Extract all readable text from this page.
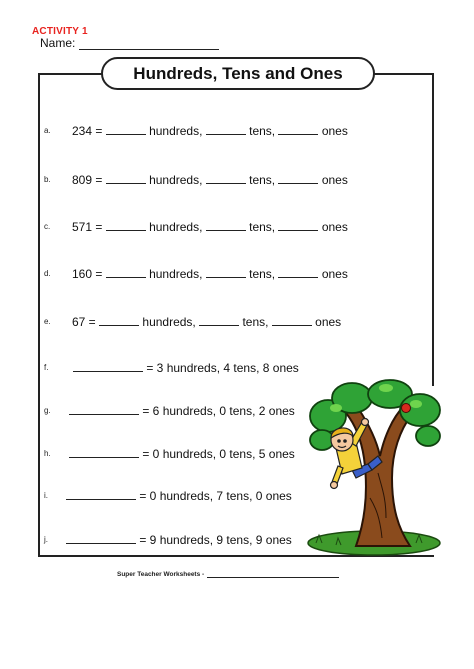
ACTIVITY 1
Name:
Hundreds, Tens and Ones
a. 234 =	hundreds,	tens,	ones
b. 809 =	hundreds,	tens,	ones
c. 571 =	hundreds,	tens,	ones
d. 160 =	hundreds,	tens,	ones
e. 67 =	hundreds,	tens,	ones
f.	= 3 hundreds, 4 tens, 8 ones
g.	= 6 hundreds, 0 tens, 2 ones
h.	= 0 hundreds, 0 tens, 5 ones
i.	= 0 hundreds, 7 tens, 0 ones
j.	= 9 hundreds, 9 tens, 9 ones
Super Teacher Worksheets -
